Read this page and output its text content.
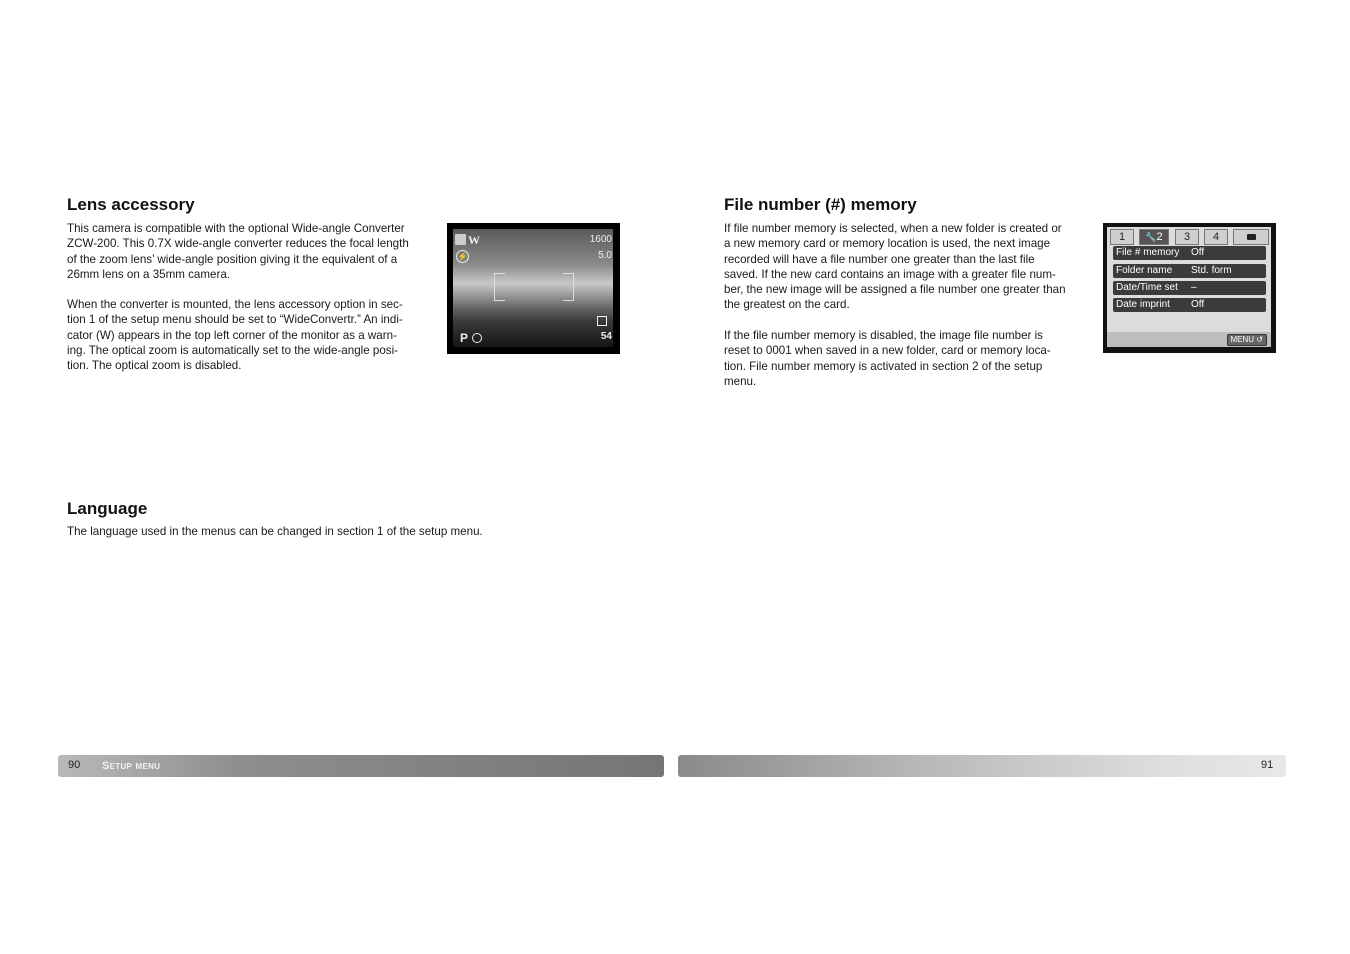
Lens accessory

This camera is compatible with the optional Wide-angle Converter
ZCW-200. This 0.7X wide-angle converter reduces the focal length
of the zoom lens’ wide-angle position giving it the equivalent of a
26mm lens on a 35mm camera.

When the converter is mounted, the lens accessory option in sec-
tion 1 of the setup menu should be set to “WideConvertr.” An indi-
cator (W) appears in the top left corner of the monitor as a warn-
ing. The optical zoom is automatically set to the wide-angle posi-
tion. The optical zoom is disabled.

W
⚡
1600
5.0
P	54
Language

The language used in the menus can be changed in section 1 of the setup menu.

90 Setup menu
File number (#) memory

If file number memory is selected, when a new folder is created or
a new memory card or memory location is used, the next image
recorded will have a file number one greater than the last file
saved. If the new card contains an image with a greater file num-
ber, the new image will be assigned a file number one greater than
the greatest on the card.

If the file number memory is disabled, the image file number is
reset to 0001 when saved in a new folder, card or memory loca-
tion. File number memory is activated in section 2 of the setup
menu.

1	🔧2	3	4
File # memory Off
Folder name Std. form
Date/Time set –
Date imprint Off
MENU ↺
91
